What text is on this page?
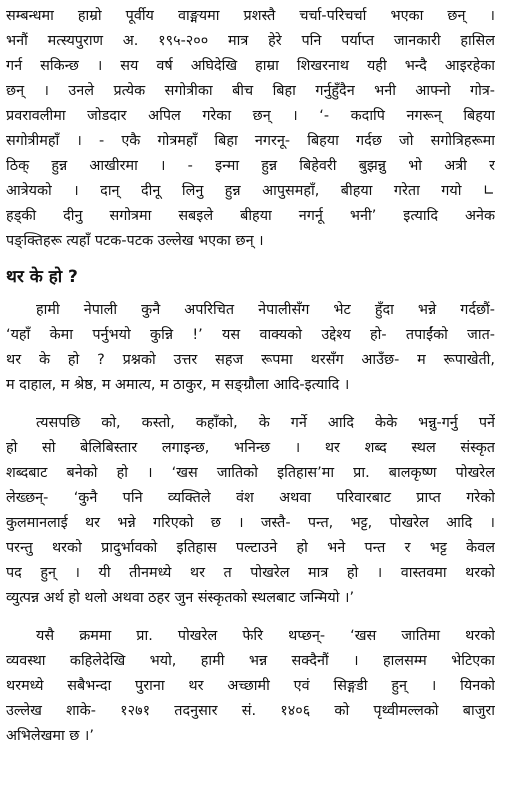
सम्बन्धमा हाम्रो पूर्वीय वाङ्मयमा प्रशस्तै चर्चा-परिचर्चा भएका छन् ।
भनौं मत्स्यपुराण अ. १९५-२०० मात्र हेरे पनि पर्याप्त जानकारी हासिल
गर्न सकिन्छ । सय वर्ष अघिदेखि हाम्रा शिखरनाथ यही भन्दै आइरहेका
छन् । उनले प्रत्येक सगोत्रीका बीच बिहा गर्नुहुँदैन भनी आफ्नो गोत्र-
प्रवरावलीमा जोडदार अपिल गरेका छन् । ‘- कदापि नगरून् बिहया
सगोत्रीमहाँ । - एकै गोत्रमहाँ बिहा नगरनू- बिहया गर्दछ जो सगोत्रिहरूमा
ठिक् हुन्न आखीरमा । - इन्मा हुन्न बिहेवरी बुझन्नु भो अत्री र
आत्रेयको । दान् दीनू लिनु हुन्न आपुसमहाँ, बीहया गरेता गयो ∟
हड्की दीनु सगोत्रमा सबइले बीहया नगर्नू भनी’ इत्यादि अनेक
पङ्क्तिहरू त्यहाँ पटक-पटक उल्लेख भएका छन् ।
थर के हो ?
हामी नेपाली कुनै अपरिचित नेपालीसँग भेट हुँदा भन्ने गर्दछौं-
‘यहाँ केमा पर्नुभयो कुन्नि !’ यस वाक्यको उद्देश्य हो- तपाईंको जात-
थर के हो ? प्रश्नको उत्तर सहज रूपमा थरसँग आउँछ- म रूपाखेती,
म दाहाल, म श्रेष्ठ, म अमात्य, म ठाकुर, म सङ्ग्रौला आदि-इत्यादि ।
त्यसपछि को, कस्तो, कहाँको, के गर्ने आदि केके भन्नु-गर्नु पर्ने
हो सो बेलिबिस्तार लगाइन्छ, भनिन्छ । थर शब्द स्थल संस्कृत
शब्दबाट बनेको हो । ‘खस जातिको इतिहास’मा प्रा. बालकृष्ण पोखरेल
लेख्छन्- ‘कुनै पनि व्यक्तिले वंश अथवा परिवारबाट प्राप्त गरेको
कुलमानलाई थर भन्ने गरिएको छ । जस्तै- पन्त, भट्ट, पोखरेल आदि ।
परन्तु थरको प्रादुर्भावको इतिहास पल्टाउने हो भने पन्त र भट्ट केवल
पद हुन् । यी तीनमध्ये थर त पोखरेल मात्र हो । वास्तवमा थरको
व्युत्पन्न अर्थ हो थलो अथवा ठहर जुन संस्कृतको स्थलबाट जन्मियो ।’
यसै क्रममा प्रा. पोखरेल फेरि थप्छन्- ‘खस जातिमा थरको
व्यवस्था कहिलेदेखि भयो, हामी भन्न सक्दैनौं । हालसम्म भेटिएका
थरमध्ये सबैभन्दा पुराना थर अच्छामी एवं सिङ्गडी हुन् । यिनको
उल्लेख शाके- १२७१ तदनुसार सं. १४०६ को पृथ्वीमल्लको बाजुरा
अभिलेखमा छ ।’
